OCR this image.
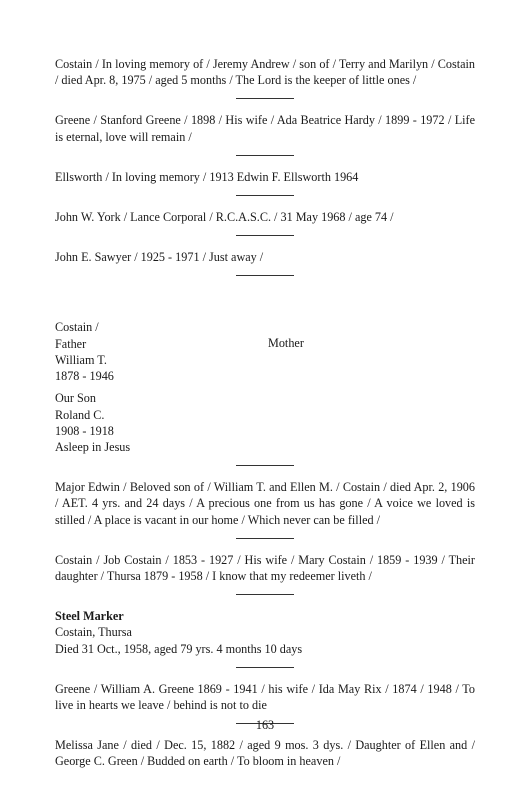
Costain / In loving memory of / Jeremy Andrew / son of / Terry and Marilyn / Costain / died Apr. 8, 1975 / aged 5 months / The Lord is the keeper of little ones /

Greene / Stanford Greene / 1898 / His wife / Ada Beatrice Hardy / 1899 - 1972 / Life is eternal, love will remain /

Ellsworth / In loving memory / 1913 Edwin F. Ellsworth 1964

John W. York / Lance Corporal / R.C.A.S.C. / 31 May 1968 / age 74 /

John E. Sawyer / 1925 - 1971 / Just away /

Costain /
Father
William T.
1878 - 1946
Mother
Our Son
Roland C.
1908 - 1918
Asleep in Jesus

Major Edwin / Beloved son of / William T. and Ellen M. / Costain / died Apr. 2, 1906 / AET. 4 yrs. and 24 days / A precious one from us has gone / A voice we loved is stilled / A place is vacant in our home / Which never can be filled /

Costain / Job Costain / 1853 - 1927 / His wife / Mary Costain / 1859 - 1939 / Their daughter / Thursa 1879 - 1958 / I know that my redeemer liveth /

Steel Marker
Costain, Thursa
Died 31 Oct., 1958, aged 79 yrs. 4 months 10 days

Greene / William A. Greene 1869 - 1941 / his wife / Ida May Rix / 1874 / 1948 / To live in hearts we leave / behind is not to die

Melissa Jane / died / Dec. 15, 1882 / aged 9 mos. 3 dys. / Daughter of Ellen and / George C. Green / Budded on earth / To bloom in heaven /

163
